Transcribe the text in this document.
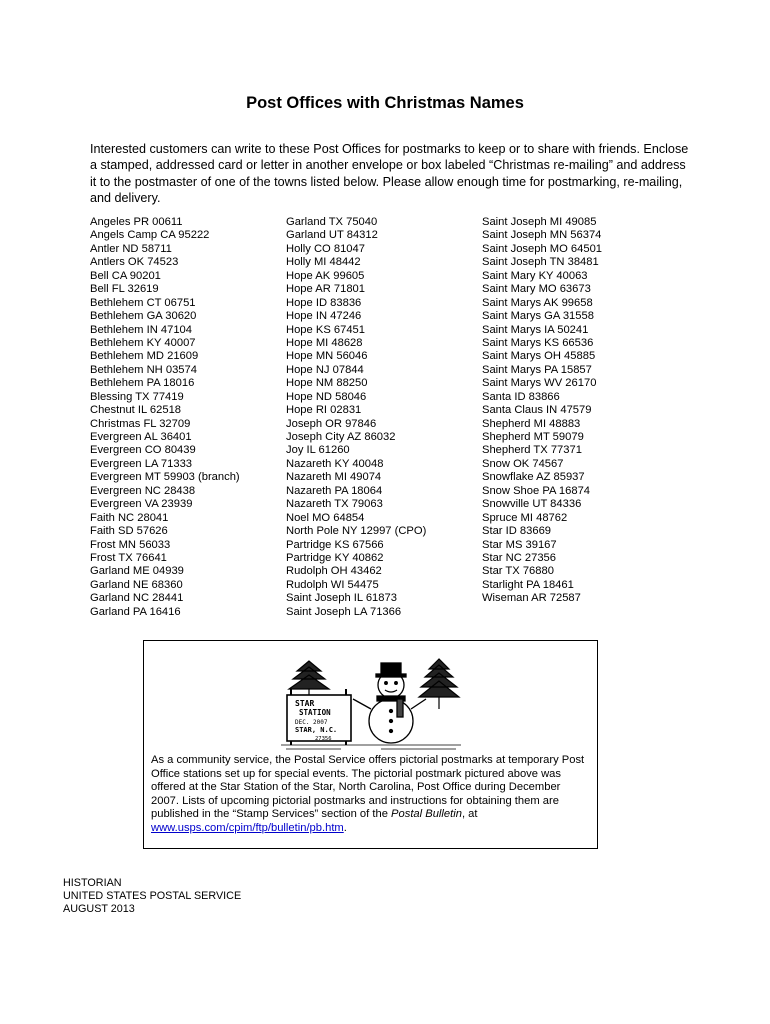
Post Offices with Christmas Names
Interested customers can write to these Post Offices for postmarks to keep or to share with friends. Enclose a stamped, addressed card or letter in another envelope or box labeled “Christmas re-mailing” and address it to the postmaster of one of the towns listed below. Please allow enough time for postmarking, re-mailing, and delivery.
Angeles PR 00611
Angels Camp CA 95222
Antler ND 58711
Antlers OK 74523
Bell CA 90201
Bell FL 32619
Bethlehem CT 06751
Bethlehem GA 30620
Bethlehem IN 47104
Bethlehem KY 40007
Bethlehem MD 21609
Bethlehem NH 03574
Bethlehem PA 18016
Blessing TX 77419
Chestnut IL 62518
Christmas FL 32709
Evergreen AL 36401
Evergreen CO 80439
Evergreen LA 71333
Evergreen MT 59903 (branch)
Evergreen NC 28438
Evergreen VA 23939
Faith NC 28041
Faith SD 57626
Frost MN 56033
Frost TX 76641
Garland ME 04939
Garland NE 68360
Garland NC 28441
Garland PA 16416
Garland TX 75040
Garland UT 84312
Holly CO 81047
Holly MI 48442
Hope AK 99605
Hope AR 71801
Hope ID 83836
Hope IN 47246
Hope KS 67451
Hope MI 48628
Hope MN 56046
Hope NJ 07844
Hope NM 88250
Hope ND 58046
Hope RI 02831
Joseph OR 97846
Joseph City AZ 86032
Joy IL 61260
Nazareth KY 40048
Nazareth MI 49074
Nazareth PA 18064
Nazareth TX 79063
Noel MO 64854
North Pole NY 12997 (CPO)
Partridge KS 67566
Partridge KY 40862
Rudolph OH 43462
Rudolph WI 54475
Saint Joseph IL 61873
Saint Joseph LA 71366
Saint Joseph MI 49085
Saint Joseph MN 56374
Saint Joseph MO 64501
Saint Joseph TN 38481
Saint Mary KY 40063
Saint Mary MO 63673
Saint Marys AK 99658
Saint Marys GA 31558
Saint Marys IA 50241
Saint Marys KS 66536
Saint Marys OH 45885
Saint Marys PA 15857
Saint Marys WV 26170
Santa ID 83866
Santa Claus IN 47579
Shepherd MI 48883
Shepherd MT 59079
Shepherd TX 77371
Snow OK 74567
Snowflake AZ 85937
Snow Shoe PA 16874
Snowville UT 84336
Spruce MI 48762
Star ID 83669
Star MS 39167
Star NC 27356
Star TX 76880
Starlight PA 18461
Wiseman AR 72587
STAR
STATION
DEC. 2007
STAR, N.C.
27356
As a community service, the Postal Service offers pictorial postmarks at temporary Post Office stations set up for special events. The pictorial postmark pictured above was offered at the Star Station of the Star, North Carolina, Post Office during December 2007. Lists of upcoming pictorial postmarks and instructions for obtaining them are published in the “Stamp Services” section of the Postal Bulletin, at www.usps.com/cpim/ftp/bulletin/pb.htm.
HISTORIAN
UNITED STATES POSTAL SERVICE
AUGUST 2013
